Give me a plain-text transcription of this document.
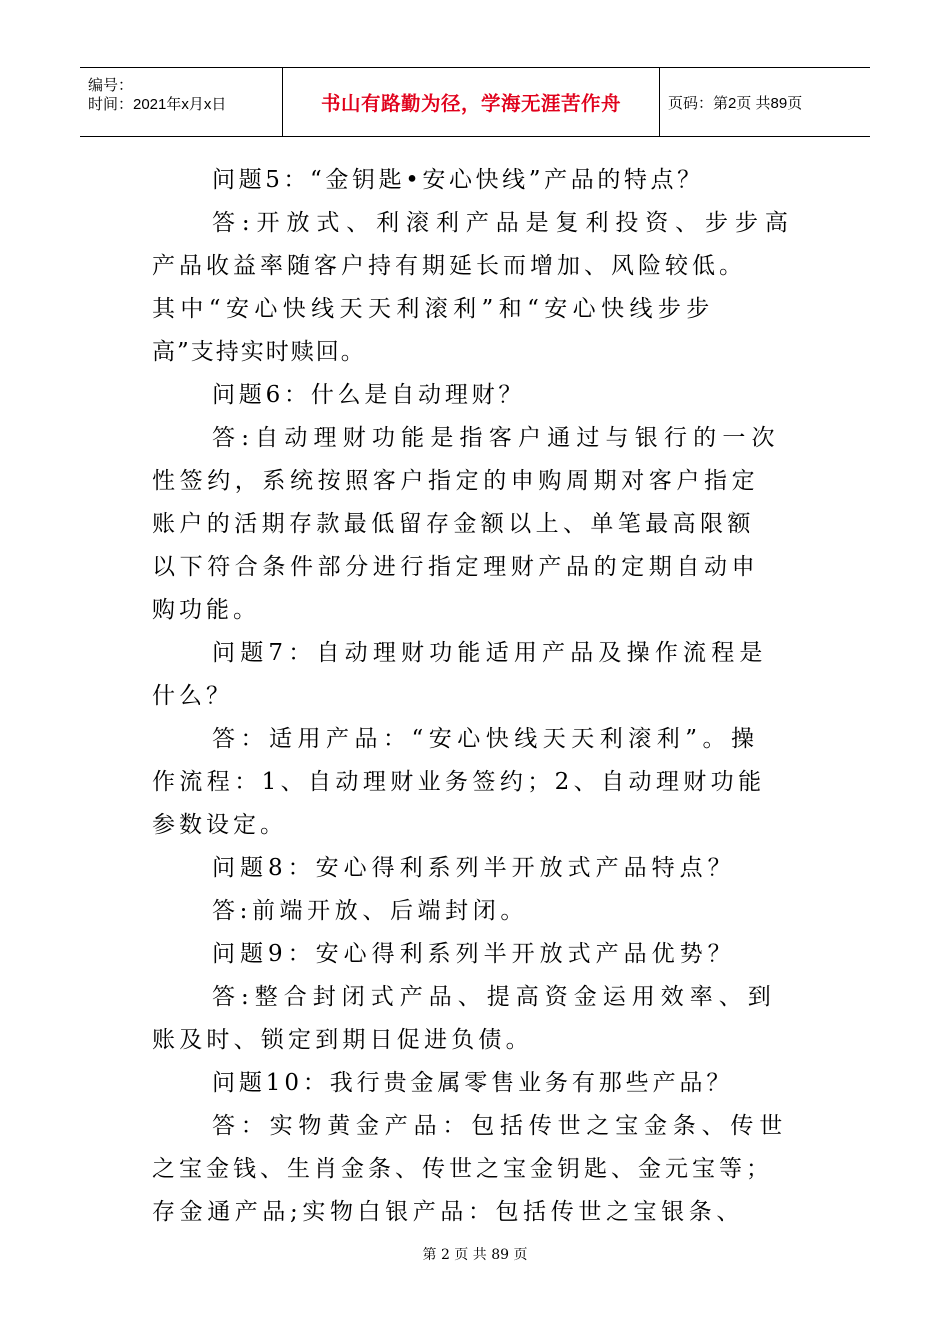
编号：
时间：2021年x月x日	书山有路勤为径，学海无涯苦作舟	页码：第2页 共89页
问题5：“金钥匙•安心快线”产品的特点？
答:开放式、利滚利产品是复利投资、步步高
产品收益率随客户持有期延长而增加、风险较低。
其中“安心快线天天利滚利”和“安心快线步步
高”支持实时赎回。
问题6：什么是自动理财？
答:自动理财功能是指客户通过与银行的一次
性签约，系统按照客户指定的申购周期对客户指定
账户的活期存款最低留存金额以上、单笔最高限额
以下符合条件部分进行指定理财产品的定期自动申
购功能。
问题7：自动理财功能适用产品及操作流程是
什么？
答：适用产品：“安心快线天天利滚利”。操
作流程：1、自动理财业务签约；2、自动理财功能
参数设定。
问题8：安心得利系列半开放式产品特点？
答:前端开放、后端封闭。
问题9：安心得利系列半开放式产品优势？
答:整合封闭式产品、提高资金运用效率、到
账及时、锁定到期日促进负债。
问题10：我行贵金属零售业务有那些产品？
答：实物黄金产品：包括传世之宝金条、传世
之宝金钱、生肖金条、传世之宝金钥匙、金元宝等；
存金通产品;实物白银产品：包括传世之宝银条、
第 2 页 共 89 页
